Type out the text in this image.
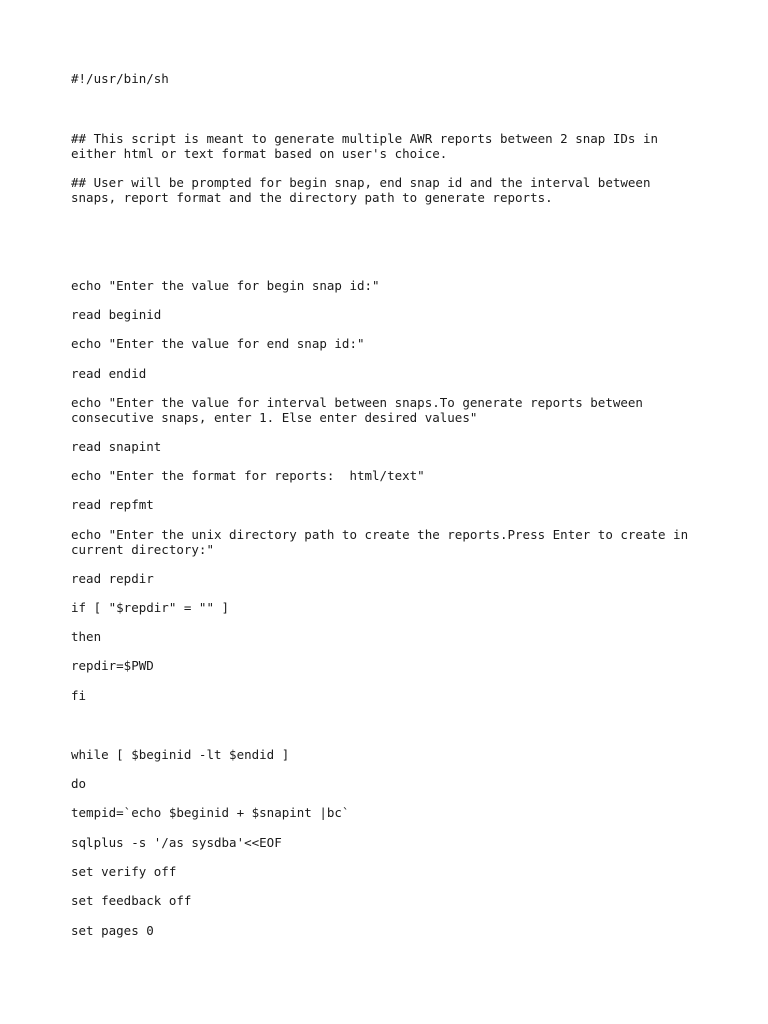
#!/usr/bin/sh

## This script is meant to generate multiple AWR reports between 2 snap IDs in

either html or text format based on user's choice.

## User will be prompted for begin snap, end snap id and the interval between

snaps, report format and the directory path to generate reports.

echo "Enter the value for begin snap id:"

read beginid

echo "Enter the value for end snap id:"

read endid

echo "Enter the value for interval between snaps.To generate reports between

consecutive snaps, enter 1. Else enter desired values"

read snapint

echo "Enter the format for reports:  html/text"

read repfmt

echo "Enter the unix directory path to create the reports.Press Enter to create in

current directory:"

read repdir

if [ "$repdir" = "" ]

then

repdir=$PWD

fi

while [ $beginid -lt $endid ]

do

tempid=`echo $beginid + $snapint |bc`

sqlplus -s '/as sysdba'<<EOF

set verify off

set feedback off

set pages 0
